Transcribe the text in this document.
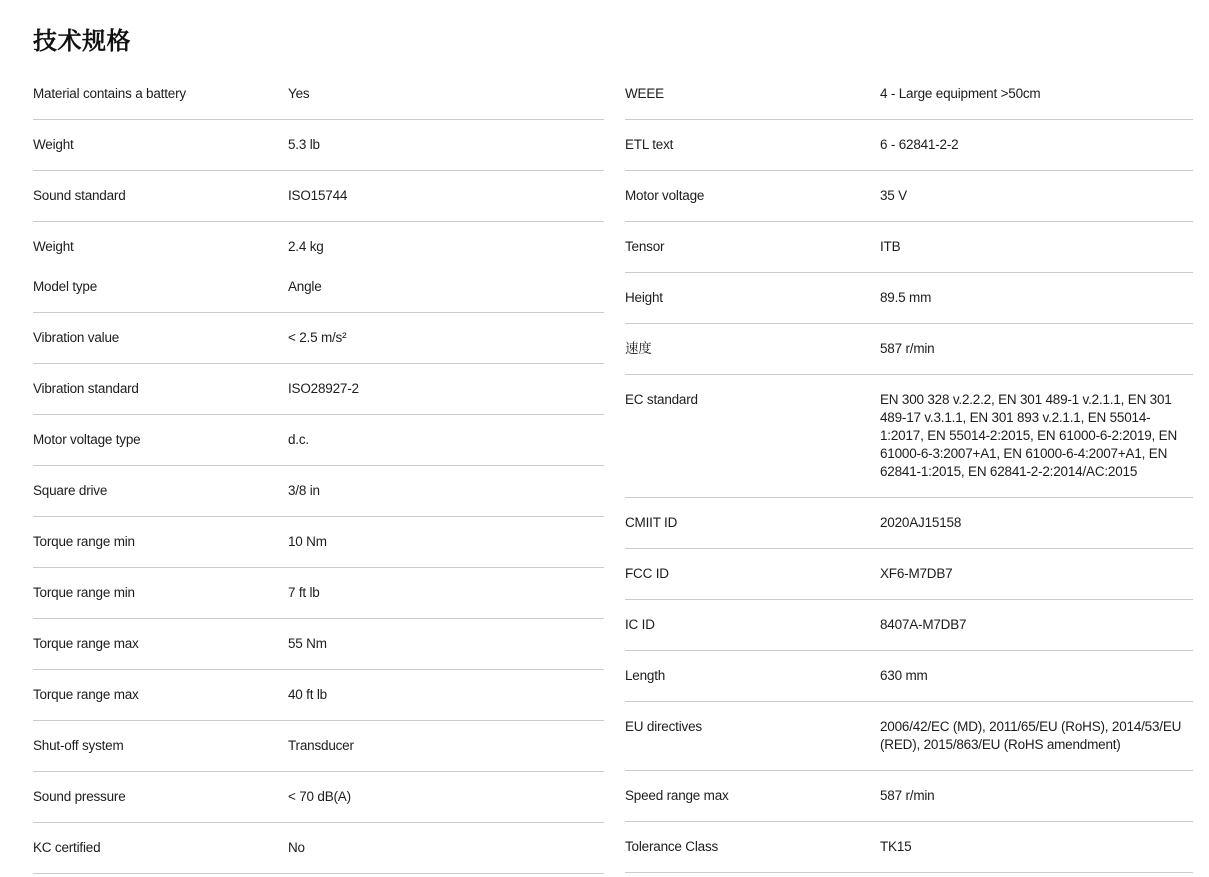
技术规格
Material contains a battery	Yes
Weight	5.3 lb
Sound standard	ISO15744
Weight	2.4 kg
Model type	Angle
Vibration value	< 2.5 m/s²
Vibration standard	ISO28927-2
Motor voltage type	d.c.
Square drive	3/8 in
Torque range min	10 Nm
Torque range min	7 ft lb
Torque range max	55 Nm
Torque range max	40 ft lb
Shut-off system	Transducer
Sound pressure	< 70 dB(A)
KC certified	No
WEEE	4 - Large equipment >50cm
ETL text	6 - 62841-2-2
Motor voltage	35 V
Tensor	ITB
Height	89.5 mm
速度	587 r/min
EC standard	EN 300 328 v.2.2.2, EN 301 489-1 v.2.1.1, EN 301 489-17 v.3.1.1, EN 301 893 v.2.1.1, EN 55014-1:2017, EN 55014-2:2015, EN 61000-6-2:2019, EN 61000-6-3:2007+A1, EN 61000-6-4:2007+A1, EN 62841-1:2015, EN 62841-2-2:2014/AC:2015
CMIIT ID	2020AJ15158
FCC ID	XF6-M7DB7
IC ID	8407A-M7DB7
Length	630 mm
EU directives	2006/42/EC (MD), 2011/65/EU (RoHS), 2014/53/EU (RED), 2015/863/EU (RoHS amendment)
Speed range max	587 r/min
Tolerance Class	TK15
